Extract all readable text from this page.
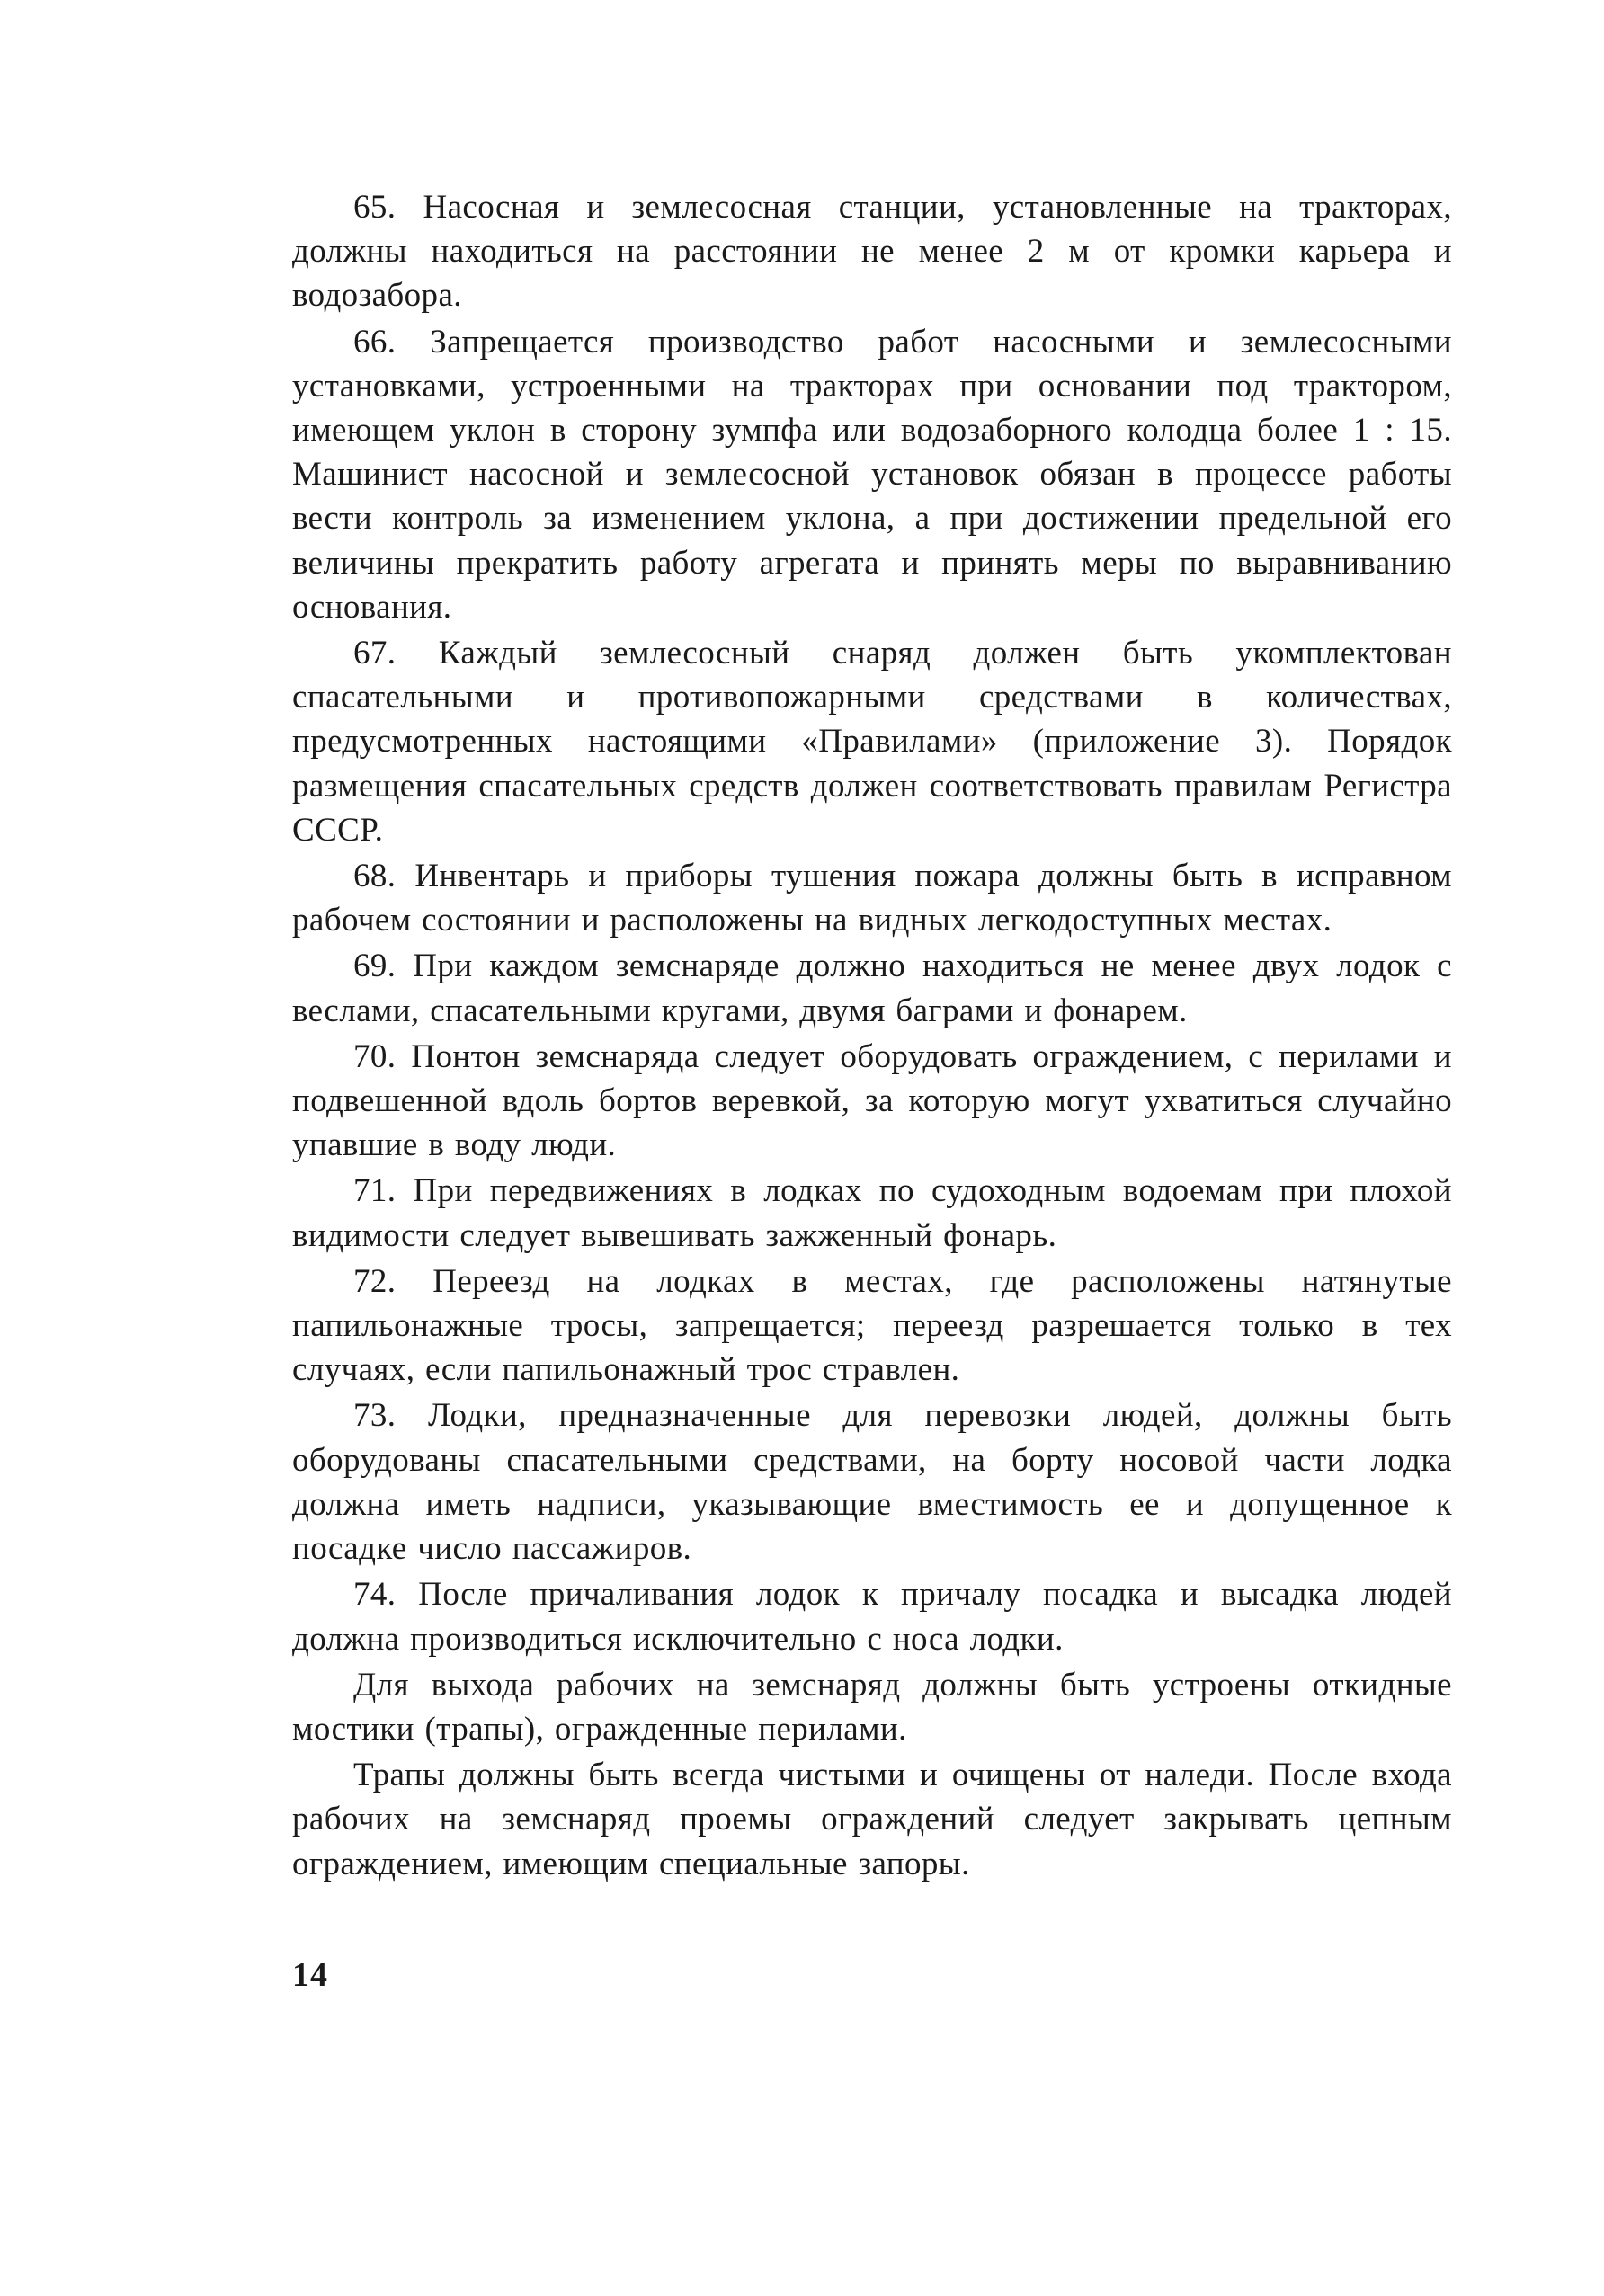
65. Насосная и землесосная станции, установленные на тракторах, должны находиться на расстоянии не менее 2 м от кромки карьера и водозабора.

66. Запрещается производство работ насосными и землесосными установками, устроенными на тракторах при основании под трактором, имеющем уклон в сторону зумпфа или водозаборного колодца более 1 : 15. Машинист насосной и землесосной установок обязан в процессе работы вести контроль за изменением уклона, а при достижении предельной его величины прекратить работу агрегата и принять меры по выравниванию основания.

67. Каждый землесосный снаряд должен быть укомплектован спасательными и противопожарными средствами в количествах, предусмотренных настоящими «Правилами» (приложение 3). Порядок размещения спасательных средств должен соответствовать правилам Регистра СССР.

68. Инвентарь и приборы тушения пожара должны быть в исправном рабочем состоянии и расположены на видных легкодоступных местах.

69. При каждом земснаряде должно находиться не менее двух лодок с веслами, спасательными кругами, двумя баграми и фонарем.

70. Понтон земснаряда следует оборудовать ограждением, с перилами и подвешенной вдоль бортов веревкой, за которую могут ухватиться случайно упавшие в воду люди.

71. При передвижениях в лодках по судоходным водоемам при плохой видимости следует вывешивать зажженный фонарь.

72. Переезд на лодках в местах, где расположены натянутые папильонажные тросы, запрещается; переезд разрешается только в тех случаях, если папильонажный трос стравлен.

73. Лодки, предназначенные для перевозки людей, должны быть оборудованы спасательными средствами, на борту носовой части лодка должна иметь надписи, указывающие вместимость ее и допущенное к посадке число пассажиров.

74. После причаливания лодок к причалу посадка и высадка людей должна производиться исключительно с носа лодки.

Для выхода рабочих на земснаряд должны быть устроены откидные мостики (трапы), огражденные перилами.

Трапы должны быть всегда чистыми и очищены от наледи. После входа рабочих на земснаряд проемы ограждений следует закрывать цепным ограждением, имеющим специальные запоры.

14
